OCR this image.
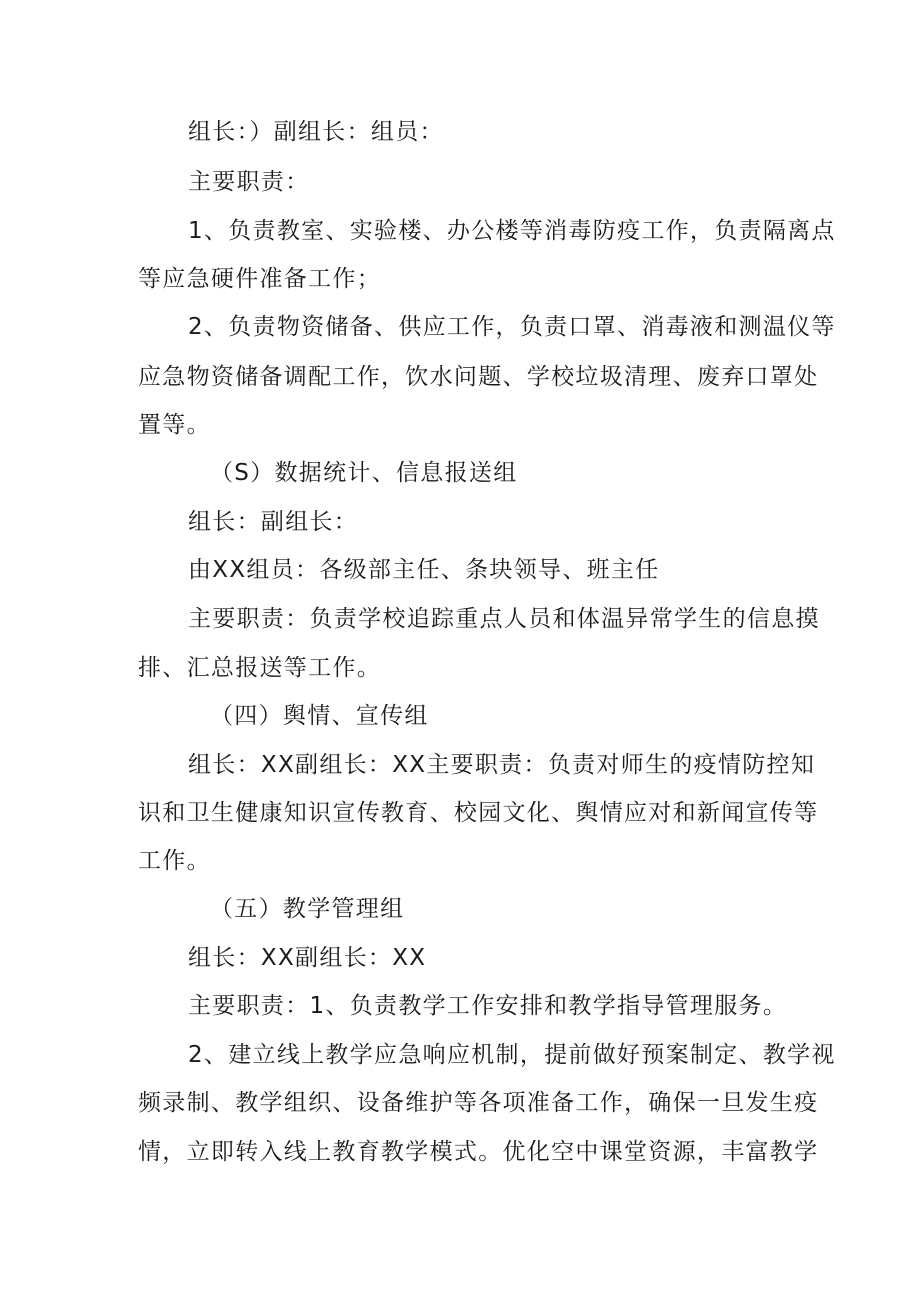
组长：）副组长：组员：
主要职责：
1、负责教室、实验楼、办公楼等消毒防疫工作，负责隔离点
等应急硬件准备工作；
2、负责物资储备、供应工作，负责口罩、消毒液和测温仪等
应急物资储备调配工作，饮水问题、学校垃圾清理、废弃口罩处
置等。
（S）数据统计、信息报送组
组长：副组长：
由XX组员：各级部主任、条块领导、班主任
主要职责：负责学校追踪重点人员和体温异常学生的信息摸
排、汇总报送等工作。
（四）舆情、宣传组
组长：XX副组长：XX主要职责：负责对师生的疫情防控知
识和卫生健康知识宣传教育、校园文化、舆情应对和新闻宣传等
工作。
（五）教学管理组
组长：XX副组长：XX
主要职责：1、负责教学工作安排和教学指导管理服务。
2、建立线上教学应急响应机制，提前做好预案制定、教学视
频录制、教学组织、设备维护等各项准备工作，确保一旦发生疫
情，立即转入线上教育教学模式。优化空中课堂资源，丰富教学
